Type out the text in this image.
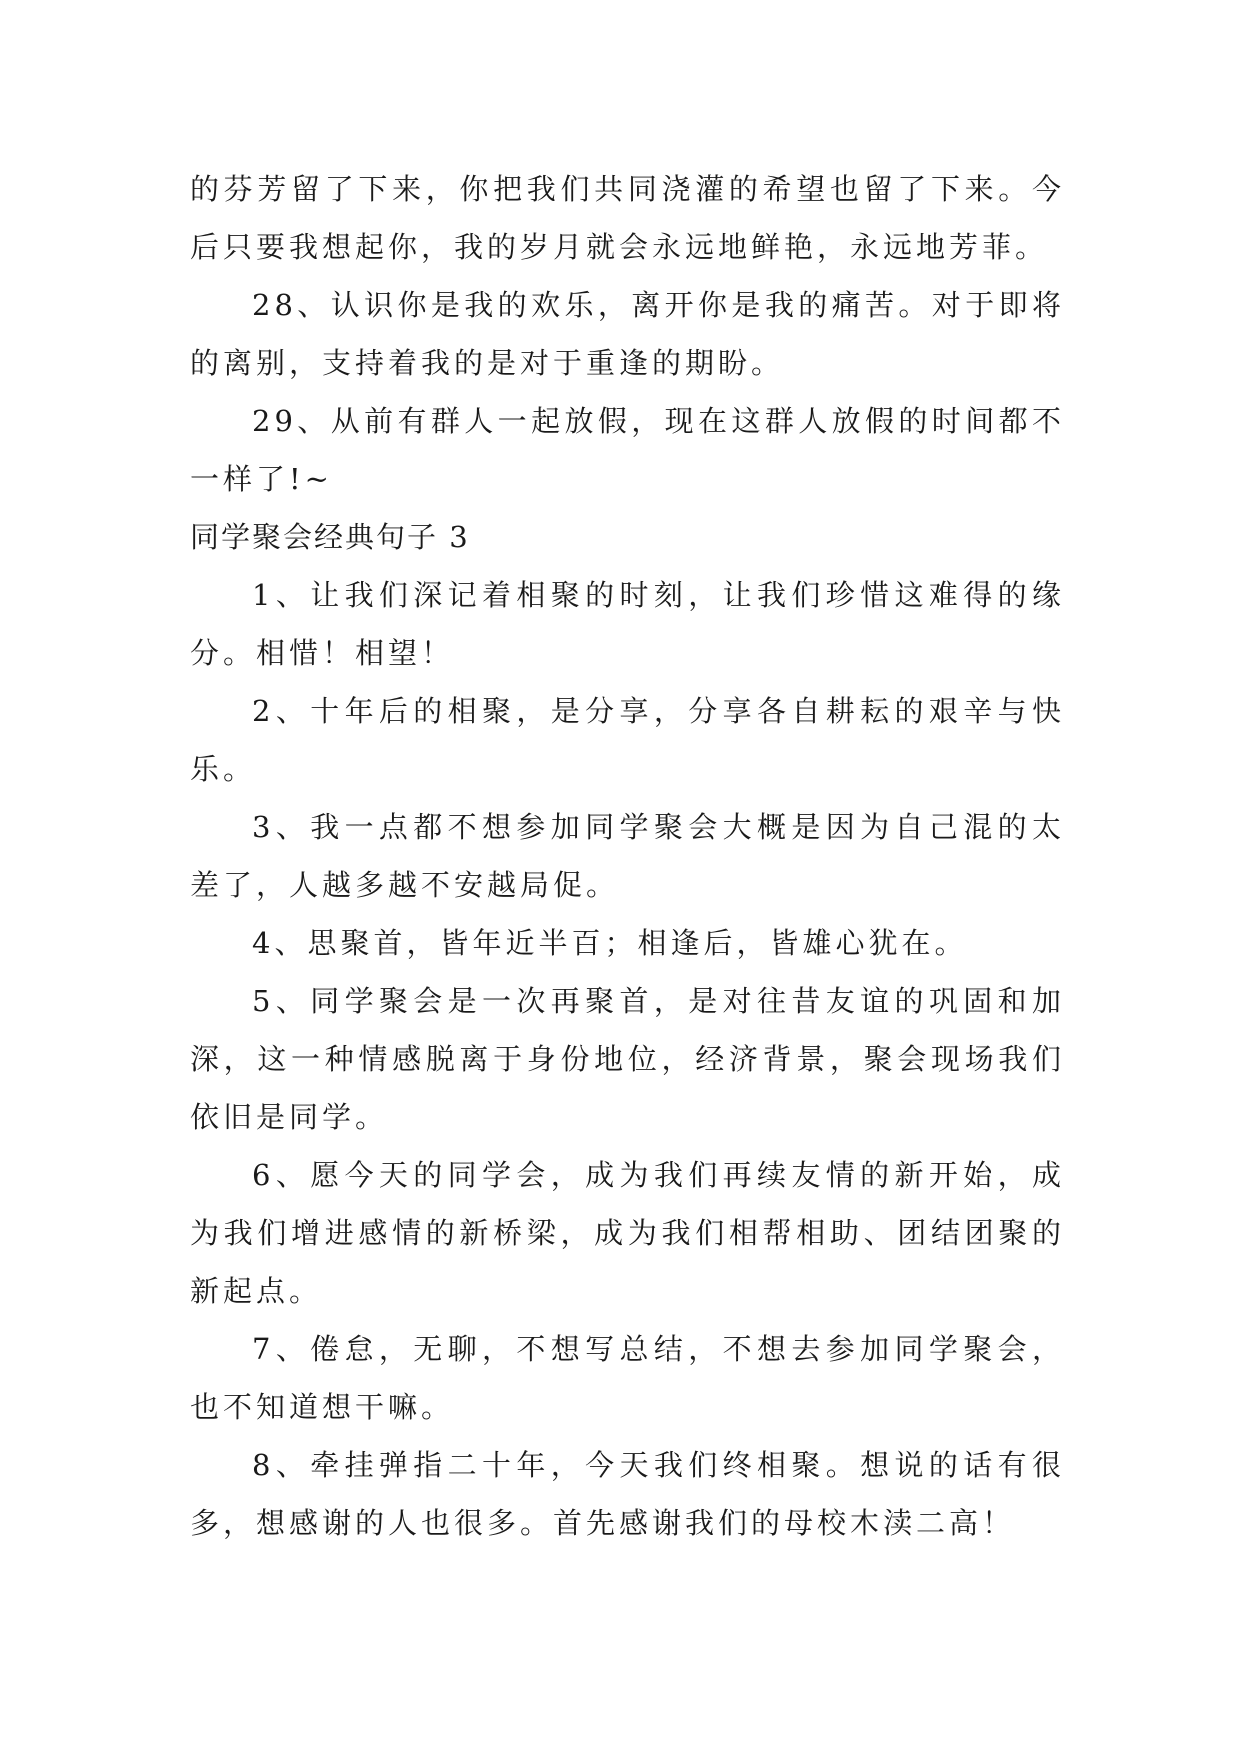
的芬芳留了下来，你把我们共同浇灌的希望也留了下来。今后只要我想起你，我的岁月就会永远地鲜艳，永远地芳菲。

28、认识你是我的欢乐，离开你是我的痛苦。对于即将的离别，支持着我的是对于重逢的期盼。

29、从前有群人一起放假，现在这群人放假的时间都不一样了!~

同学聚会经典句子 3

1、让我们深记着相聚的时刻，让我们珍惜这难得的缘分。相惜！相望！

2、十年后的相聚，是分享，分享各自耕耘的艰辛与快乐。

3、我一点都不想参加同学聚会大概是因为自己混的太差了，人越多越不安越局促。

4、思聚首，皆年近半百；相逢后，皆雄心犹在。

5、同学聚会是一次再聚首，是对往昔友谊的巩固和加深，这一种情感脱离于身份地位，经济背景，聚会现场我们依旧是同学。

6、愿今天的同学会，成为我们再续友情的新开始，成为我们增进感情的新桥梁，成为我们相帮相助、团结团聚的新起点。

7、倦怠，无聊，不想写总结，不想去参加同学聚会，也不知道想干嘛。

8、牵挂弹指二十年，今天我们终相聚。想说的话有很多，想感谢的人也很多。首先感谢我们的母校木渎二高！
